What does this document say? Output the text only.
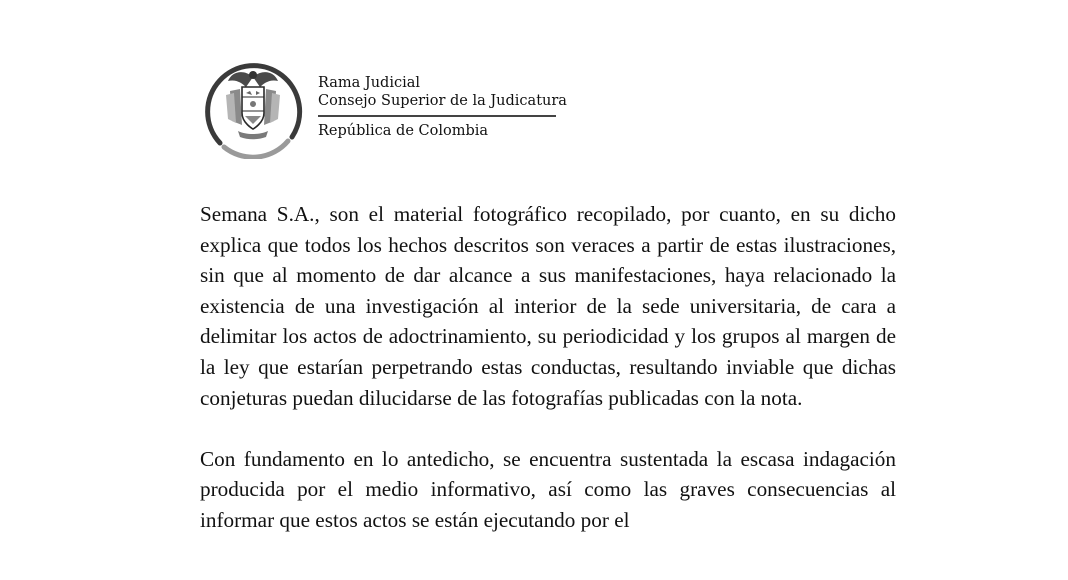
Rama Judicial
Consejo Superior de la Judicatura
República de Colombia

Semana S.A., son el material fotográfico recopilado, por cuanto, en su dicho explica que todos los hechos descritos son veraces a partir de estas ilustraciones, sin que al momento de dar alcance a sus manifestaciones, haya relacionado la existencia de una investigación al interior de la sede universitaria, de cara a delimitar los actos de adoctrinamiento, su periodicidad y los grupos al margen de la ley que estarían perpetrando estas conductas, resultando inviable que dichas conjeturas puedan dilucidarse de las fotografías publicadas con la nota.

Con fundamento en lo antedicho, se encuentra sustentada la escasa indagación producida por el medio informativo, así como las graves consecuencias al informar que estos actos se están ejecutando por el
